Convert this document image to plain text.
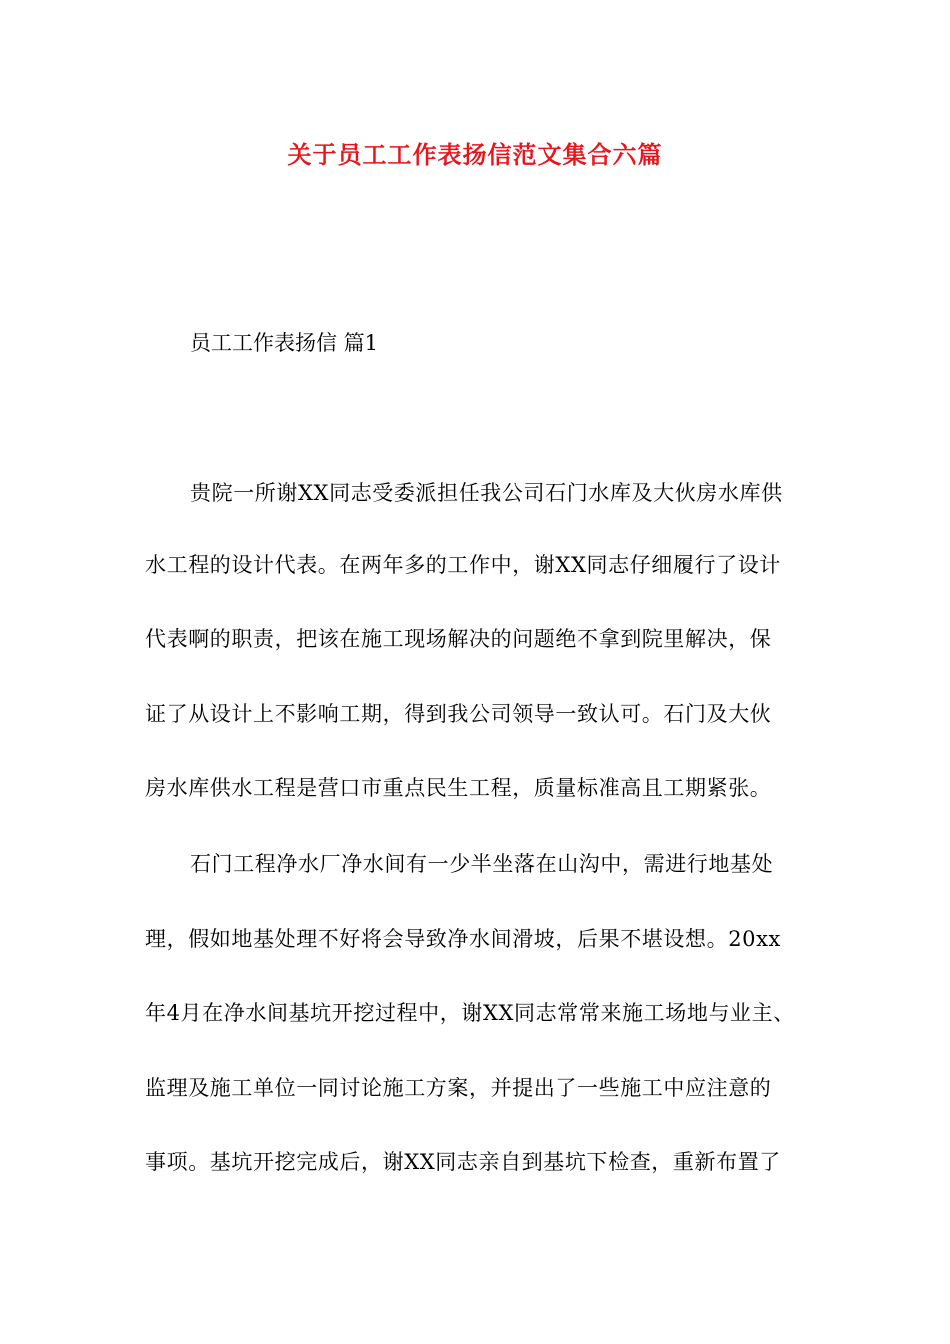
关于员工工作表扬信范文集合六篇
员工工作表扬信 篇1
贵院一所谢XX同志受委派担任我公司石门水库及大伙房水库供
水工程的设计代表。在两年多的工作中，谢XX同志仔细履行了设计
代表啊的职责，把该在施工现场解决的问题绝不拿到院里解决，保
证了从设计上不影响工期，得到我公司领导一致认可。石门及大伙
房水库供水工程是营口市重点民生工程，质量标准高且工期紧张。
石门工程净水厂净水间有一少半坐落在山沟中，需进行地基处
理，假如地基处理不好将会导致净水间滑坡，后果不堪设想。20xx
年4月在净水间基坑开挖过程中，谢XX同志常常来施工场地与业主、
监理及施工单位一同讨论施工方案，并提出了一些施工中应注意的
事项。基坑开挖完成后，谢XX同志亲自到基坑下检查，重新布置了
